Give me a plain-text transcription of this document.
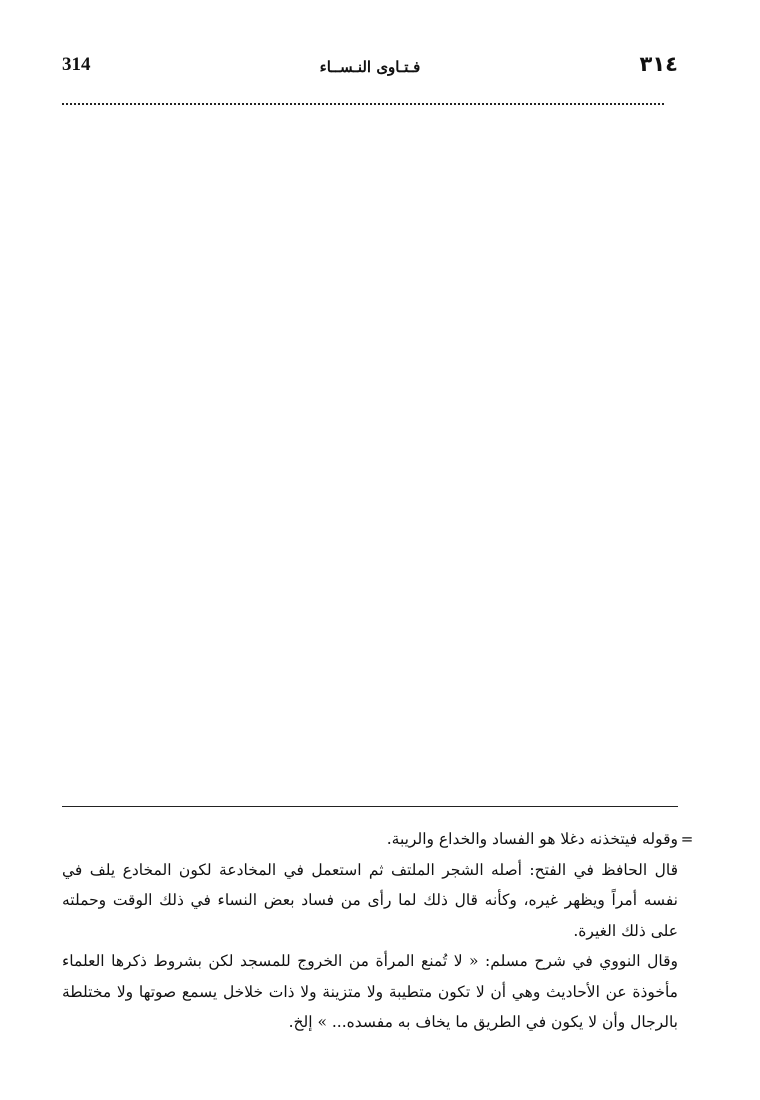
314	فـتـاوى النـســاء	٣١٤
=

وقوله فيتخذنه دغلا هو الفساد والخداع والريبة.

قال الحافظ في الفتح: أصله الشجر الملتف ثم استعمل في المخادعة لكون المخادع يلف في نفسه أمراً ويظهر غيره، وكأنه قال ذلك لما رأى من فساد بعض النساء في ذلك الوقت وحملته على ذلك الغيرة.

وقال النووي في شرح مسلم: « لا تُمنع المرأة من الخروج للمسجد لكن بشروط ذكرها العلماء مأخوذة عن الأحاديث وهي أن لا تكون متطيبة ولا متزينة ولا ذات خلاخل يسمع صوتها ولا مختلطة بالرجال وأن لا يكون في الطريق ما يخاف به مفسده... » إلخ.
